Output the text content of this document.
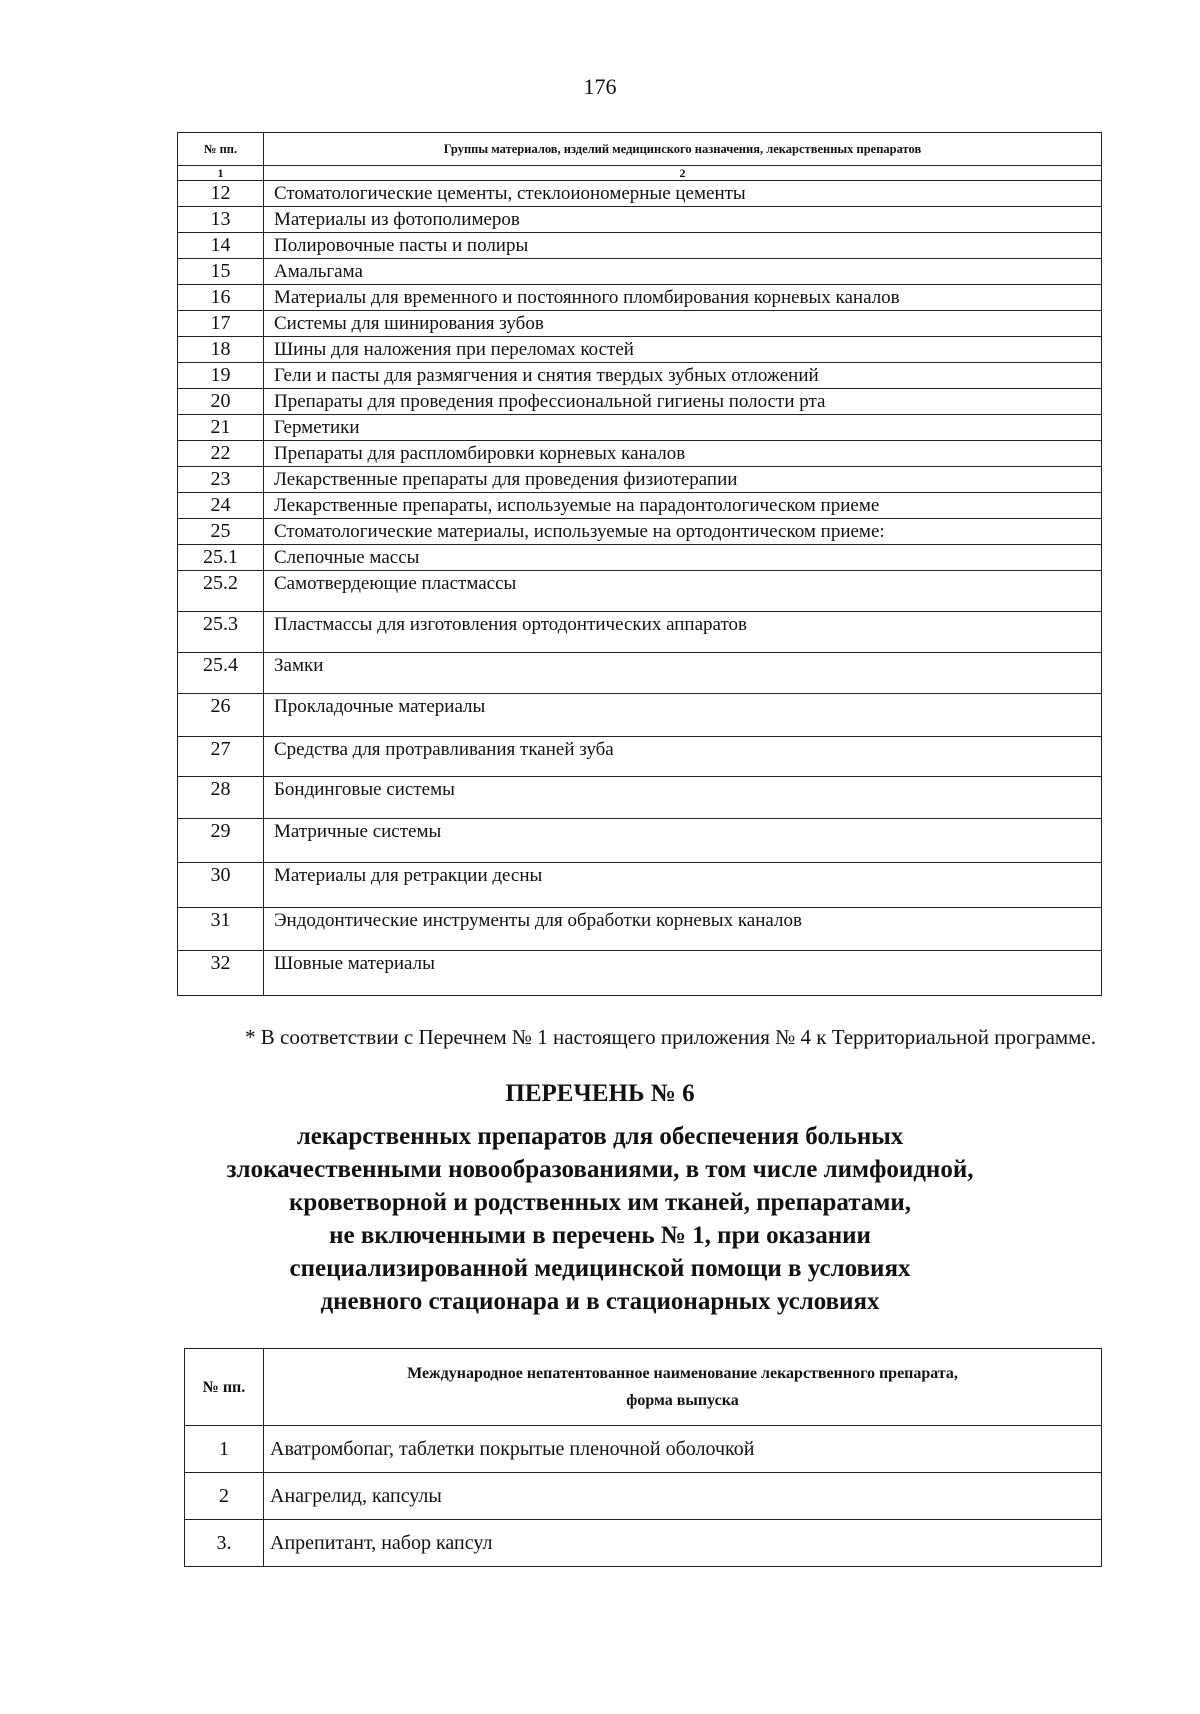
176
№ пп.	Группы материалов, изделий медицинского назначения, лекарственных препаратов
1	2
12	Стоматологические цементы, стеклоиономерные цементы
13	Материалы из фотополимеров
14	Полировочные пасты и полиры
15	Амальгама
16	Материалы для временного и постоянного пломбирования корневых каналов
17	Системы для шинирования зубов
18	Шины для наложения при переломах костей
19	Гели и пасты для размягчения и снятия твердых зубных отложений
20	Препараты для проведения профессиональной гигиены полости рта
21	Герметики
22	Препараты для распломбировки корневых каналов
23	Лекарственные препараты для проведения физиотерапии
24	Лекарственные препараты, используемые на парадонтологическом приеме
25	Стоматологические материалы, используемые на ортодонтическом приеме:
25.1	Слепочные массы
25.2	Самотвердеющие пластмассы
25.3	Пластмассы для изготовления ортодонтических аппаратов
25.4	Замки
26	Прокладочные материалы
27	Средства для протравливания тканей зуба
28	Бондинговые системы
29	Матричные системы
30	Материалы для ретракции десны
31	Эндодонтические инструменты для обработки корневых каналов
32	Шовные материалы
* В соответствии с Перечнем № 1 настоящего приложения № 4 к Территориальной программе.
ПЕРЕЧЕНЬ № 6
лекарственных препаратов для обеспечения больных
злокачественными новообразованиями, в том числе лимфоидной,
кроветворной и родственных им тканей, препаратами,
не включенными в перечень № 1, при оказании
специализированной медицинской помощи в условиях
дневного стационара и в стационарных условиях
№ пп.	Международное непатентованное наименование лекарственного препарата,
форма выпуска

1	Аватромбопаг, таблетки покрытые пленочной оболочкой
2	Анагрелид, капсулы
3.	Апрепитант, набор капсул
